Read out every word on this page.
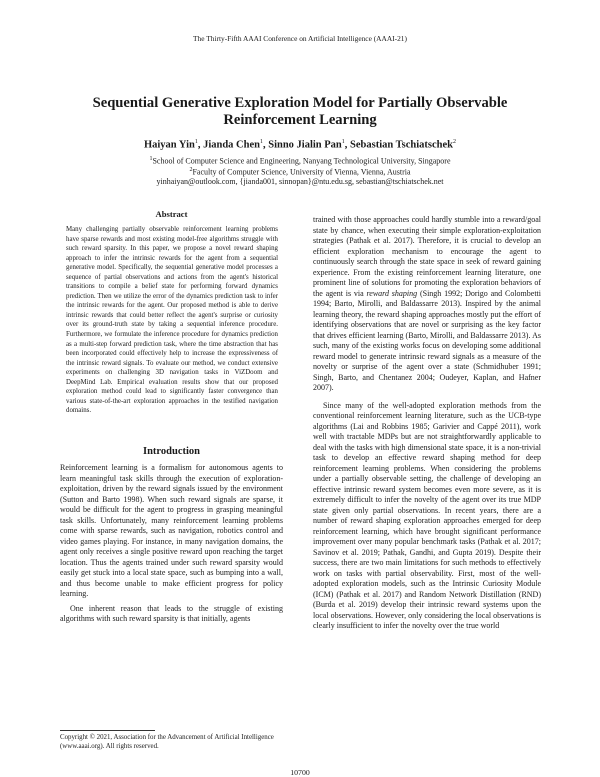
The Thirty-Fifth AAAI Conference on Artificial Intelligence (AAAI-21)
Sequential Generative Exploration Model for Partially Observable
Reinforcement Learning
Haiyan Yin$^1$, Jianda Chen$^1$, Sinno Jialin Pan$^1$, Sebastian Tschiatschek$^2$
$^1$School of Computer Science and Engineering, Nanyang Technological University, Singapore
$^2$Faculty of Computer Science, University of Vienna, Vienna, Austria
yinhaiyan@outlook.com, {jianda001, sinnopan}@ntu.edu.sg, sebastian@tschiatschek.net
Abstract

Many challenging partially observable reinforcement learning problems have sparse rewards and most existing model-free algorithms struggle with such reward sparsity. In this paper, we propose a novel reward shaping approach to infer the intrinsic rewards for the agent from a sequential generative model. Specifically, the sequential generative model processes a sequence of partial observations and actions from the agent's historical transitions to compile a belief state for performing forward dynamics prediction. Then we utilize the error of the dynamics prediction task to infer the intrinsic rewards for the agent. Our proposed method is able to derive intrinsic rewards that could better reflect the agent's surprise or curiosity over its ground-truth state by taking a sequential inference procedure. Furthermore, we formulate the inference procedure for dynamics prediction as a multi-step forward prediction task, where the time abstraction that has been incorporated could effectively help to increase the expressiveness of the intrinsic reward signals. To evaluate our method, we conduct extensive experiments on challenging 3D navigation tasks in ViZDoom and DeepMind Lab. Empirical evaluation results show that our proposed exploration method could lead to significantly faster convergence than various state-of-the-art exploration approaches in the testified navigation domains.

Introduction

Reinforcement learning is a formalism for autonomous agents to learn meaningful task skills through the execution of exploration-exploitation, driven by the reward signals issued by the environment (Sutton and Barto 1998). When such reward signals are sparse, it would be difficult for the agent to progress in grasping meaningful task skills. Unfortunately, many reinforcement learning problems come with sparse rewards, such as navigation, robotics control and video games playing. For instance, in many navigation domains, the agent only receives a single positive reward upon reaching the target location. Thus the agents trained under such reward sparsity would easily get stuck into a local state space, such as bumping into a wall, and thus become unable to make efficient progress for policy learning.

One inherent reason that leads to the struggle of existing algorithms with such reward sparsity is that initially, agents

trained with those approaches could hardly stumble into a reward/goal state by chance, when executing their simple exploration-exploitation strategies (Pathak et al. 2017). Therefore, it is crucial to develop an efficient exploration mechanism to encourage the agent to continuously search through the state space in seek of reward gaining experience. From the existing reinforcement learning literature, one prominent line of solutions for promoting the exploration behaviors of the agent is via reward shaping (Singh 1992; Dorigo and Colombetti 1994; Barto, Mirolli, and Baldassarre 2013). Inspired by the animal learning theory, the reward shaping approaches mostly put the effort of identifying observations that are novel or surprising as the key factor that drives efficient learning (Barto, Mirolli, and Baldassarre 2013). As such, many of the existing works focus on developing some additional reward model to generate intrinsic reward signals as a measure of the novelty or surprise of the agent over a state (Schmidhuber 1991; Singh, Barto, and Chentanez 2004; Oudeyer, Kaplan, and Hafner 2007).

Since many of the well-adopted exploration methods from the conventional reinforcement learning literature, such as the UCB-type algorithms (Lai and Robbins 1985; Garivier and Cappé 2011), work well with tractable MDPs but are not straightforwardly applicable to deal with the tasks with high dimensional state space, it is a non-trivial task to develop an effective reward shaping method for deep reinforcement learning problems. When considering the problems under a partially observable setting, the challenge of developing an effective intrinsic reward system becomes even more severe, as it is extremely difficult to infer the novelty of the agent over its true MDP state given only partial observations. In recent years, there are a number of reward shaping exploration approaches emerged for deep reinforcement learning, which have brought significant performance improvement over many popular benchmark tasks (Pathak et al. 2017; Savinov et al. 2019; Pathak, Gandhi, and Gupta 2019). Despite their success, there are two main limitations for such methods to effectively work on tasks with partial observability. First, most of the well-adopted exploration models, such as the Intrinsic Curiosity Module (ICM) (Pathak et al. 2017) and Random Network Distillation (RND) (Burda et al. 2019) develop their intrinsic reward systems upon the local observations. However, only considering the local observations is clearly insufficient to infer the novelty over the true world

Copyright © 2021, Association for the Advancement of Artificial Intelligence (www.aaai.org). All rights reserved.
10700
